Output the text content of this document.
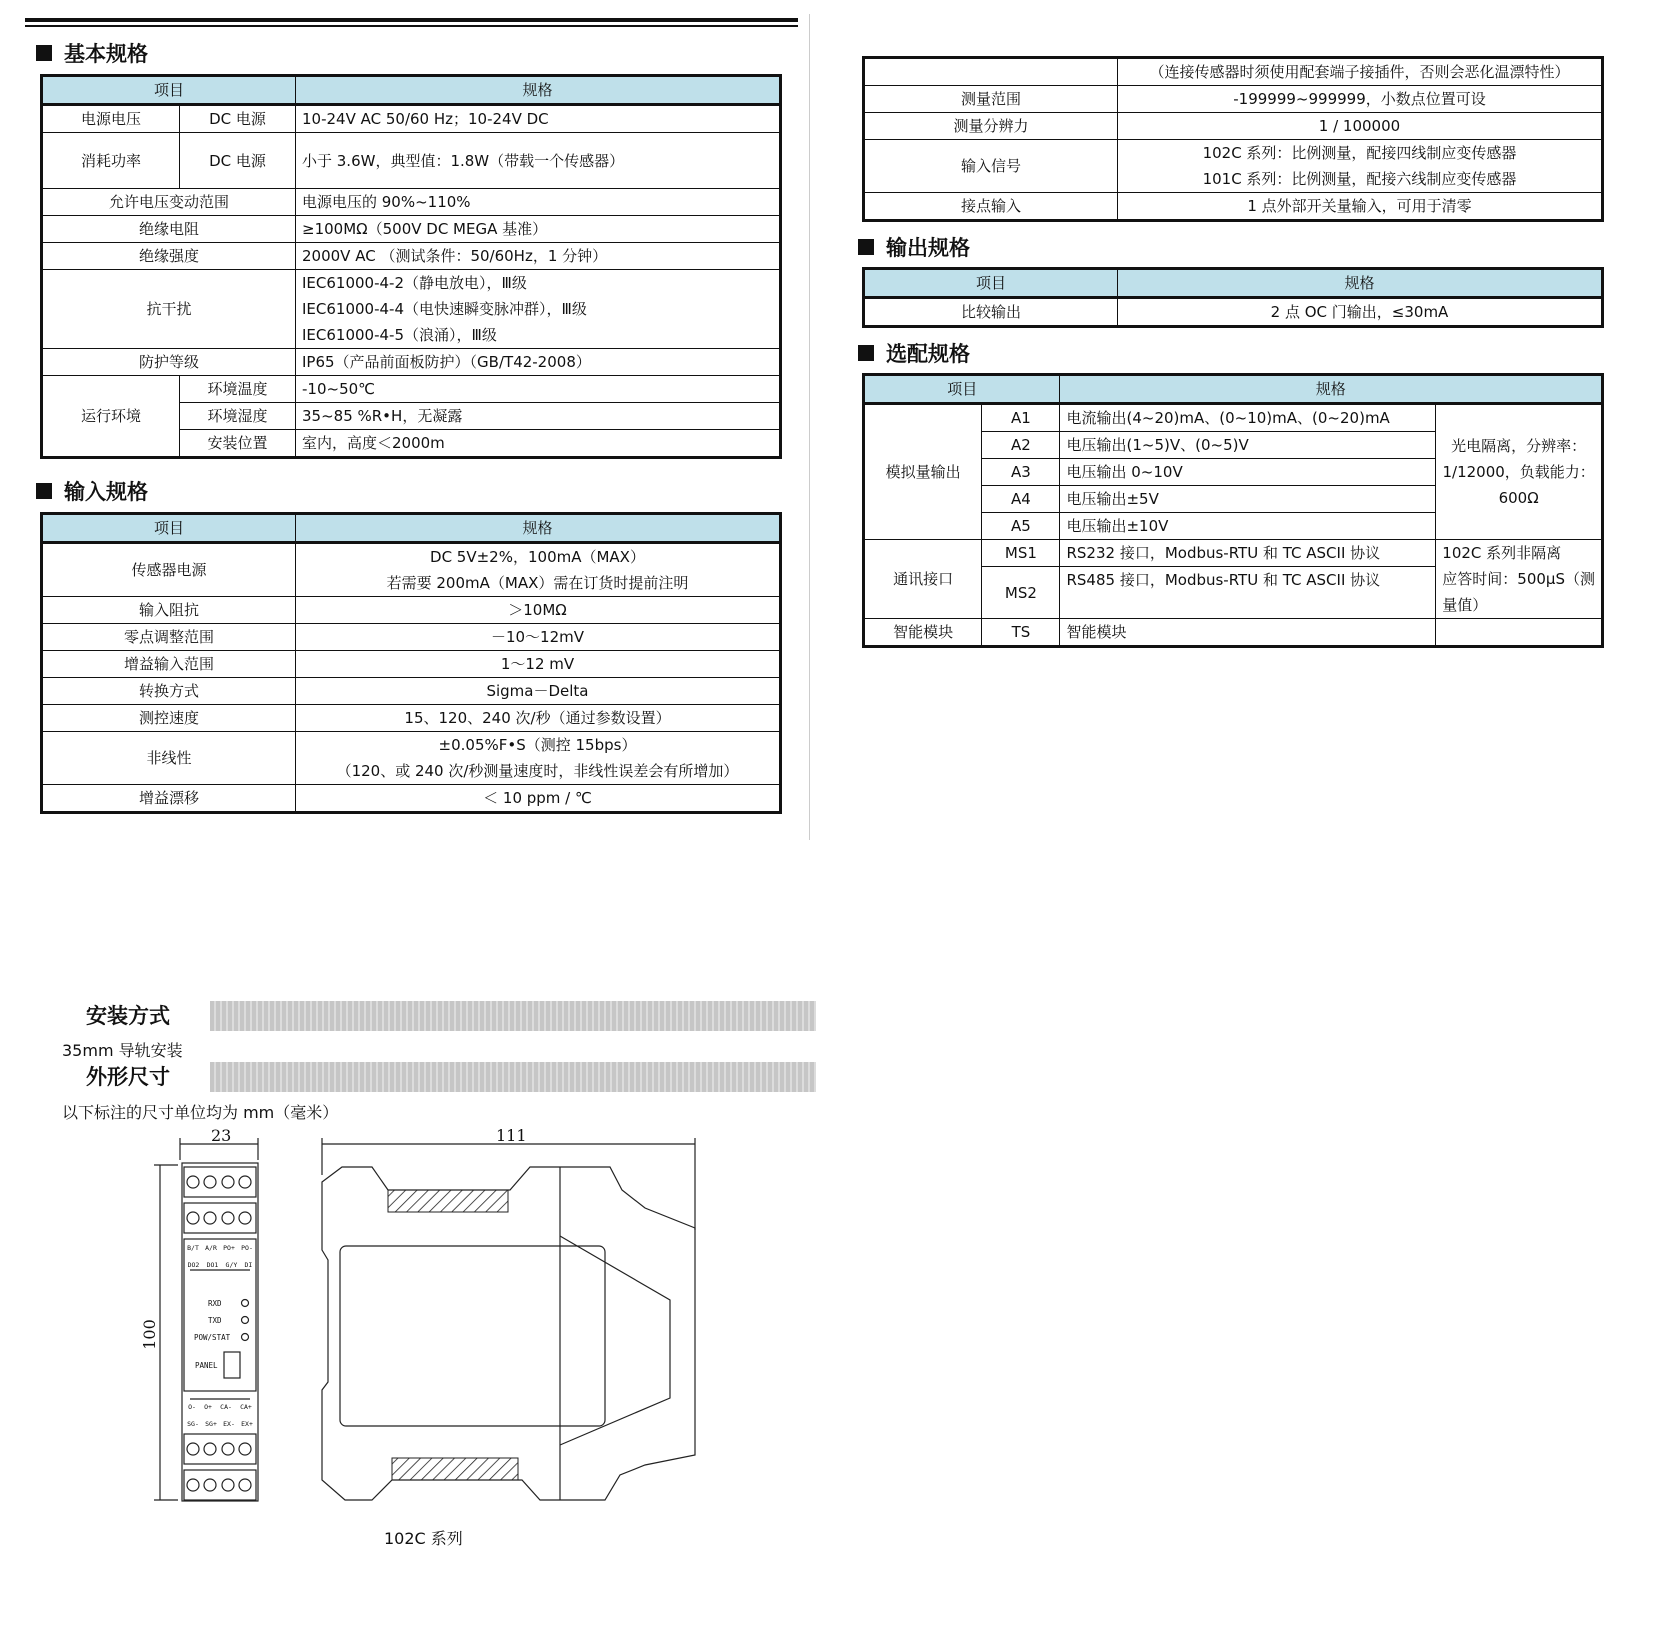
基本规格
项目		规格
电源电压	DC 电源	10-24V AC 50/60 Hz；10-24V DC
消耗功率	DC 电源	小于 3.6W，典型值：1.8W（带载一个传感器）
允许电压变动范围		电源电压的 90%~110%
绝缘电阻		≥100MΩ（500V DC MEGA 基准）
绝缘强度		2000V AC （测试条件：50/60Hz，1 分钟）
抗干扰		IEC61000-4-2（静电放电），Ⅲ级
IEC61000-4-4（电快速瞬变脉冲群），Ⅲ级
IEC61000-4-5（浪涌），Ⅲ级

防护等级		IP65（产品前面板防护）（GB/T42-2008）
运行环境	环境温度	-10~50℃
	环境湿度	35~85 %R•H，无凝露
	安装位置	室内，高度＜2000m
输入规格
项目	规格
传感器电源	DC 5V±2%，100mA（MAX）
若需要 200mA（MAX）需在订货时提前注明

输入阻抗	＞10MΩ
零点调整范围	－10～12mV
增益输入范围	1～12 mV
转换方式	Sigma－Delta
测控速度	15、120、240 次/秒（通过参数设置）
非线性	±0.05%F•S（测控 15bps）
（120、或 240 次/秒测量速度时，非线性误差会有所增加）

增益漂移	＜ 10 ppm / ℃
	（连接传感器时须使用配套端子接插件，否则会恶化温漂特性）
测量范围	-199999~999999，小数点位置可设
测量分辨力	1 / 100000
输入信号	102C 系列：比例测量，配接四线制应变传感器
101C 系列：比例测量，配接六线制应变传感器

接点输入	1 点外部开关量输入，可用于清零
输出规格
项目	规格
比较输出	2 点 OC 门输出，≤30mA
选配规格
项目		规格	
模拟量输出	A1	电流输出(4~20)mA、(0~10)mA、(0~20)mA	光电隔离，分辨率：
1/12000，负载能力：
600Ω

	A2	电压输出(1~5)V、(0~5)V	
	A3	电压输出 0~10V	
	A4	电压输出±5V	
	A5	电压输出±10V	
通讯接口	MS1	RS232 接口，Modbus-RTU 和 TC ASCII 协议	102C 系列非隔离
应答时间：500μS（测
量值）

	MS2	RS485 接口，Modbus-RTU 和 TC ASCII 协议	
智能模块	TS	智能模块	
安装方式
35mm 导轨安装
外形尺寸
以下标注的尺寸单位均为 mm（毫米）
23	111
100
B/T A/R PO+ PO-
DO2 DO1 G/Y DI
RXD
TXD
POW/STAT
PANEL
O- O+ CA- CA+
SG- SG+ EX- EX+
102C 系列
